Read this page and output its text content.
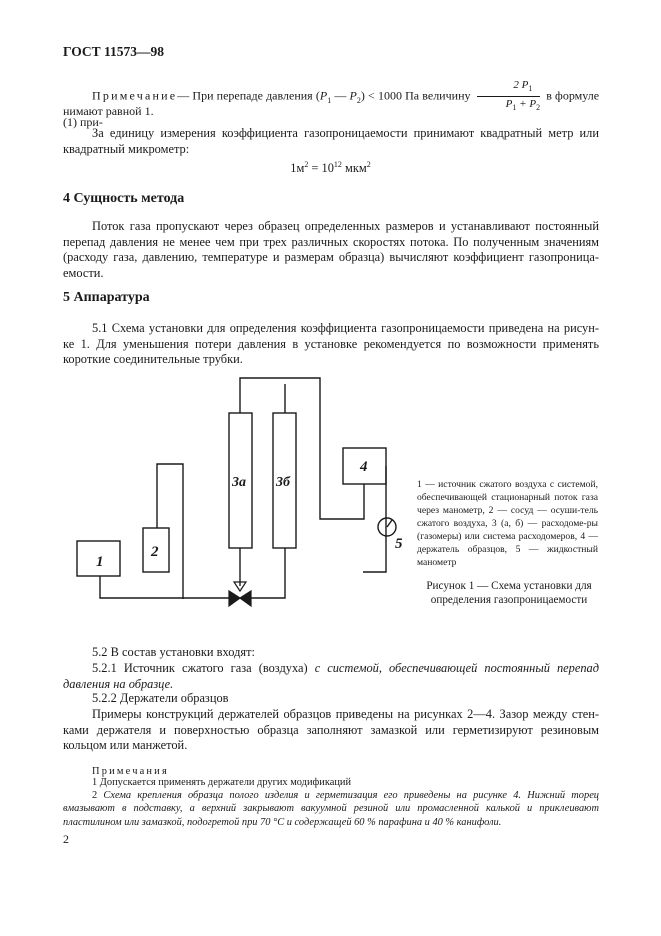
ГОСТ 11573—98

Примечание— При перепаде давления ($P_1$ — $P_2) < 1000$ Па величину $\frac{2 P_1}{P_1 + P_2}$ в формуле (1) при-

нимают равной 1.

За единицу измерения коэффициента газопроницаемости принимают квадратный метр или квадратный микрометр:

$1м^2 = 10^{12}$ мкм$^2$

4 Сущность метода

Поток газа пропускают через образец определенных размеров и устанавливают постоянный перепад давления не менее чем при трех различных скоростях потока. По полученным значениям (расходу газа, давлению, температуре и размерам образца) вычисляют коэффициент газопроница-емости.

5 Аппаратура

5.1 Схема установки для определения коэффициента газопроницаемости приведена на рисун-ке 1. Для уменьшения потери давления в установке рекомендуется по возможности применять короткие соединительные трубки.

1
2
3а 3б
4
5

1 — источник сжатого воздуха с системой, обеспечивающей стационарный поток газа через манометр, 2 — сосуд — осуши-тель сжатого воздуха, 3 (а, б) — расходоме-ры (газомеры) или система расходомеров, 4 — держатель образцов, 5 — жидкостный манометр

Рисунок 1 — Схема установки для определения газопроницаемости

5.2 В состав установки входят:

5.2.1 Источник сжатого газа (воздуха) с системой, обеспечивающей постоянный перепад давления на образце.

5.2.2 Держатели образцов

Примеры конструкций держателей образцов приведены на рисунках 2—4. Зазор между стен-ками держателя и поверхностью образца заполняют замазкой или герметизируют резиновым кольцом или манжетой.

Примечания

1 Допускается применять держатели других модификаций

2 Схема крепления образца полого изделия и герметизация его приведены на рисунке 4. Нижний торец вмазывают в подставку, а верхний закрывают вакуумной резиной или промасленной калькой и приклеивают пластилином или замазкой, подогретой при 70 °С и содержащей 60 % парафина и 40 % канифоли.

2
